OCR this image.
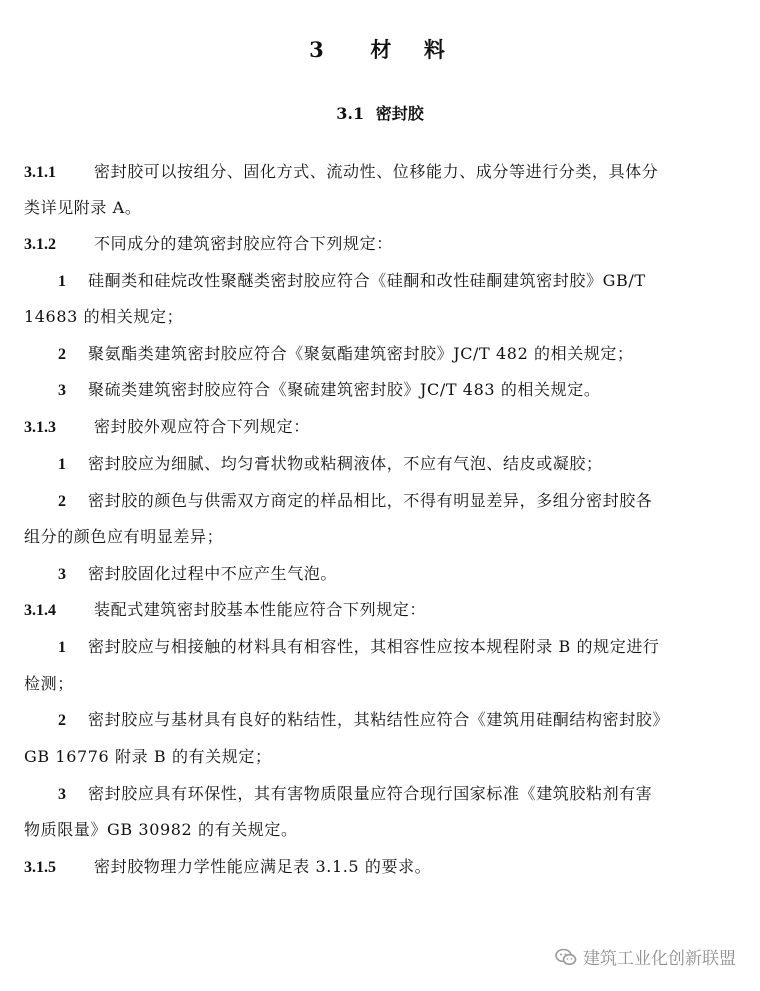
3 材  料
3.1 密封胶
3.1.1 密封胶可以按组分、固化方式、流动性、位移能力、成分等进行分类，具体分
类详见附录 A。
3.1.2 不同成分的建筑密封胶应符合下列规定：
1 硅酮类和硅烷改性聚醚类密封胶应符合《硅酮和改性硅酮建筑密封胶》GB/T
14683 的相关规定；
2 聚氨酯类建筑密封胶应符合《聚氨酯建筑密封胶》JC/T 482 的相关规定；
3 聚硫类建筑密封胶应符合《聚硫建筑密封胶》JC/T 483 的相关规定。
3.1.3 密封胶外观应符合下列规定：
1 密封胶应为细腻、均匀膏状物或粘稠液体，不应有气泡、结皮或凝胶；
2 密封胶的颜色与供需双方商定的样品相比，不得有明显差异，多组分密封胶各
组分的颜色应有明显差异；
3 密封胶固化过程中不应产生气泡。
3.1.4 装配式建筑密封胶基本性能应符合下列规定：
1 密封胶应与相接触的材料具有相容性，其相容性应按本规程附录 B 的规定进行
检测；
2 密封胶应与基材具有良好的粘结性，其粘结性应符合《建筑用硅酮结构密封胶》
GB 16776 附录 B 的有关规定；
3 密封胶应具有环保性，其有害物质限量应符合现行国家标准《建筑胶粘剂有害
物质限量》GB 30982 的有关规定。
3.1.5 密封胶物理力学性能应满足表 3.1.5 的要求。
建筑工业化创新联盟
